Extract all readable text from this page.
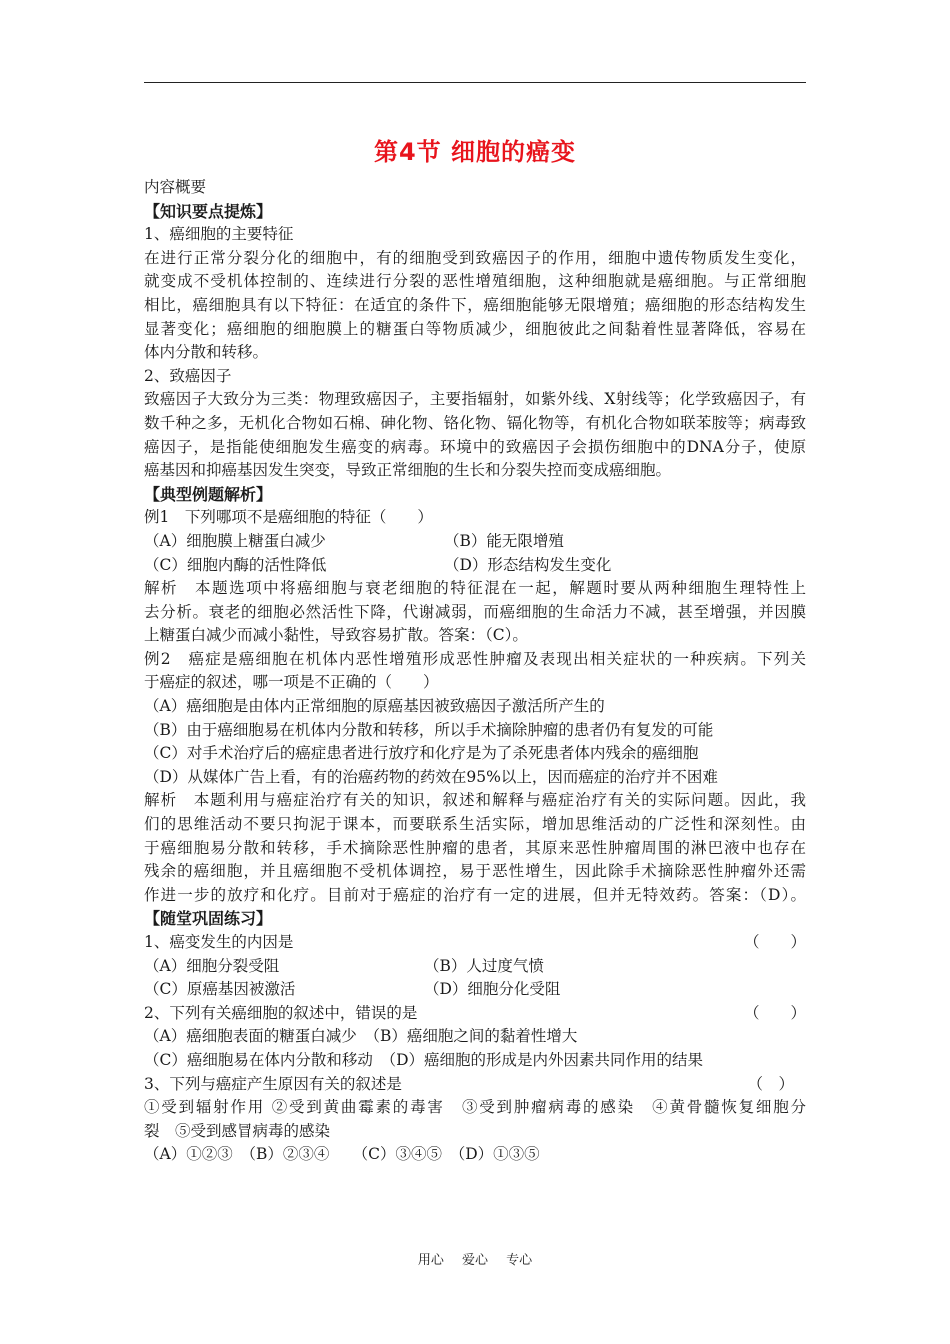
第4节 细胞的癌变
内容概要
【知识要点提炼】
1、癌细胞的主要特征
在进行正常分裂分化的细胞中，有的细胞受到致癌因子的作用，细胞中遗传物质发生变化，
就变成不受机体控制的、连续进行分裂的恶性增殖细胞，这种细胞就是癌细胞。与正常细胞
相比，癌细胞具有以下特征：在适宜的条件下，癌细胞能够无限增殖；癌细胞的形态结构发生
显著变化；癌细胞的细胞膜上的糖蛋白等物质减少，细胞彼此之间黏着性显著降低，容易在
体内分散和转移。
2、致癌因子
致癌因子大致分为三类：物理致癌因子，主要指辐射，如紫外线、X射线等；化学致癌因子，有
数千种之多，无机化合物如石棉、砷化物、铬化物、镉化物等，有机化合物如联苯胺等；病毒致
癌因子，是指能使细胞发生癌变的病毒。环境中的致癌因子会损伤细胞中的DNA分子，使原
癌基因和抑癌基因发生突变，导致正常细胞的生长和分裂失控而变成癌细胞。
【典型例题解析】
例1　下列哪项不是癌细胞的特征（　　）
（A）细胞膜上糖蛋白减少	（B）能无限增殖
（C）细胞内酶的活性降低	（D）形态结构发生变化
解析　本题选项中将癌细胞与衰老细胞的特征混在一起，解题时要从两种细胞生理特性上
去分析。衰老的细胞必然活性下降，代谢减弱，而癌细胞的生命活力不减，甚至增强，并因膜
上糖蛋白减少而减小黏性，导致容易扩散。答案：（C）。
例2　癌症是癌细胞在机体内恶性增殖形成恶性肿瘤及表现出相关症状的一种疾病。下列关
于癌症的叙述，哪一项是不正确的（　　）
（A）癌细胞是由体内正常细胞的原癌基因被致癌因子激活所产生的
（B）由于癌细胞易在机体内分散和转移，所以手术摘除肿瘤的患者仍有复发的可能
（C）对手术治疗后的癌症患者进行放疗和化疗是为了杀死患者体内残余的癌细胞
（D）从媒体广告上看，有的治癌药物的药效在95%以上，因而癌症的治疗并不困难
解析　本题利用与癌症治疗有关的知识，叙述和解释与癌症治疗有关的实际问题。因此，我
们的思维活动不要只拘泥于课本，而要联系生活实际，增加思维活动的广泛性和深刻性。由
于癌细胞易分散和转移，手术摘除恶性肿瘤的患者，其原来恶性肿瘤周围的淋巴液中也存在
残余的癌细胞，并且癌细胞不受机体调控，易于恶性增生，因此除手术摘除恶性肿瘤外还需
作进一步的放疗和化疗。目前对于癌症的治疗有一定的进展，但并无特效药。答案：（D）。
【随堂巩固练习】
1、癌变发生的内因是	（　　）
（A）细胞分裂受阻	（B）人过度气愤
（C）原癌基因被激活	（D）细胞分化受阻
2、下列有关癌细胞的叙述中，错误的是	（　　）
（A）癌细胞表面的糖蛋白减少　（B）癌细胞之间的黏着性增大
（C）癌细胞易在体内分散和移动　（D）癌细胞的形成是内外因素共同作用的结果
3、下列与癌症产生原因有关的叙述是	（　）
①受到辐射作用 ②受到黄曲霉素的毒害　③受到肿瘤病毒的感染　④黄骨髓恢复细胞分
裂　⑤受到感冒病毒的感染
（A）①②③　（B）②③④　　（C）③④⑤　（D）①③⑤
用心 爱心 专心
